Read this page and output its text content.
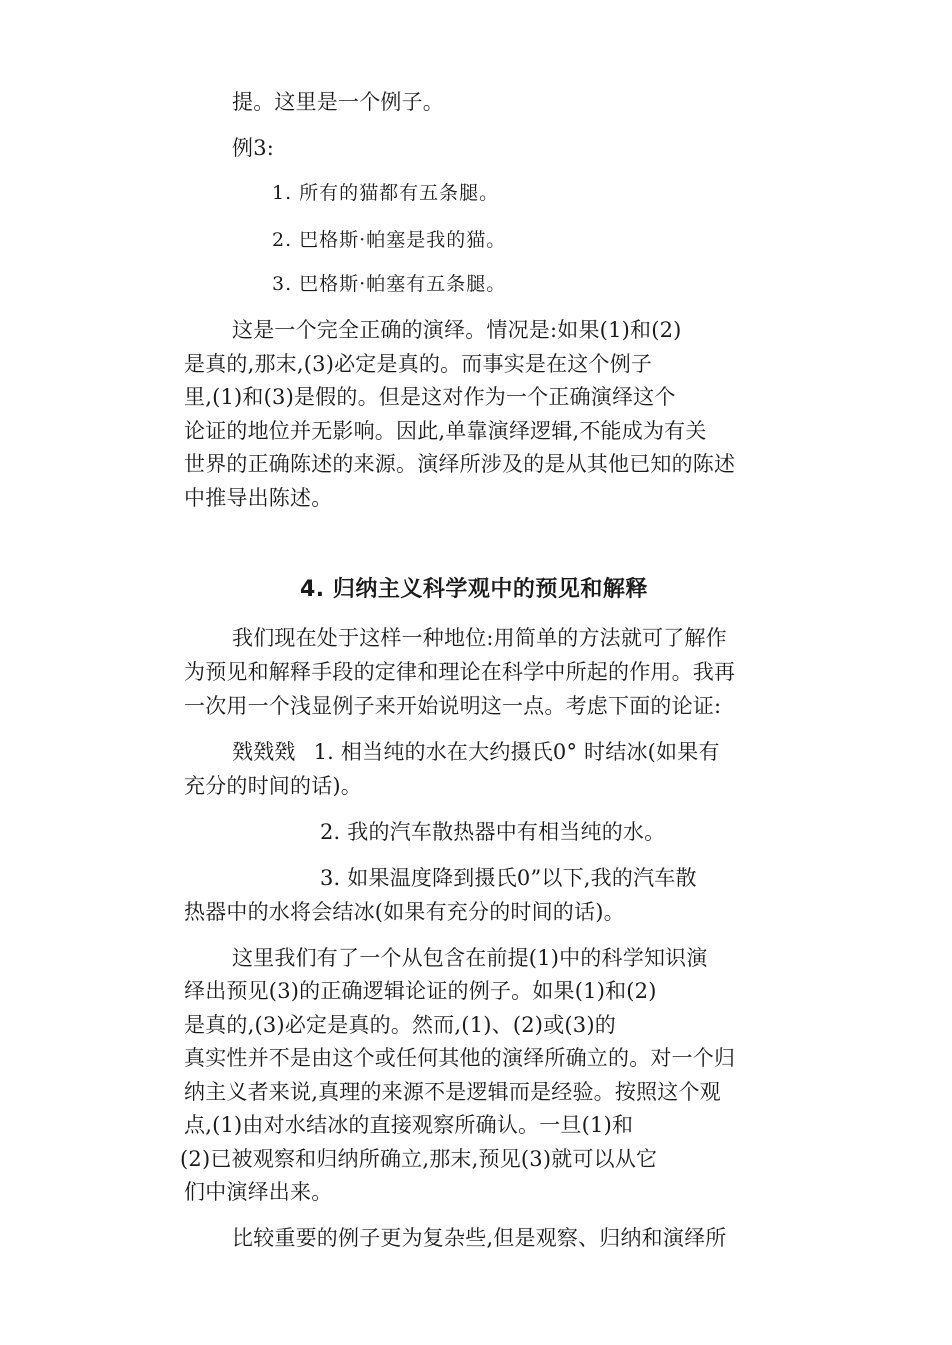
提。这里是一个例子。
例3:
1. 所有的猫都有五条腿。
2. 巴格斯·帕塞是我的猫。
3. 巴格斯·帕塞有五条腿。
这是一个完全正确的演绎。情况是:如果(1)和(2)
是真的,那末,(3)必定是真的。而事实是在这个例子
里,(1)和(3)是假的。但是这对作为一个正确演绎这个
论证的地位并无影响。因此,单靠演绎逻辑,不能成为有关
世界的正确陈述的来源。演绎所涉及的是从其他已知的陈述
中推导出陈述。
4. 归纳主义科学观中的预见和解释
我们现在处于这样一种地位:用简单的方法就可了解作
为预见和解释手段的定律和理论在科学中所起的作用。我再
一次用一个浅显例子来开始说明这一点。考虑下面的论证:
戣戣戣 1. 相当纯的水在大约摄氏0° 时结冰(如果有
充分的时间的话)。
2. 我的汽车散热器中有相当纯的水。
3. 如果温度降到摄氏0”以下,我的汽车散
热器中的水将会结冰(如果有充分的时间的话)。
这里我们有了一个从包含在前提(1)中的科学知识演
绎出预见(3)的正确逻辑论证的例子。如果(1)和(2)
是真的,(3)必定是真的。然而,(1)、(2)或(3)的
真实性并不是由这个或任何其他的演绎所确立的。对一个归
纳主义者来说,真理的来源不是逻辑而是经验。按照这个观
点,(1)由对水结冰的直接观察所确认。一旦(1)和
(2)已被观察和归纳所确立,那末,预见(3)就可以从它
们中演绎出来。
比较重要的例子更为复杂些,但是观察、归纳和演绎所
